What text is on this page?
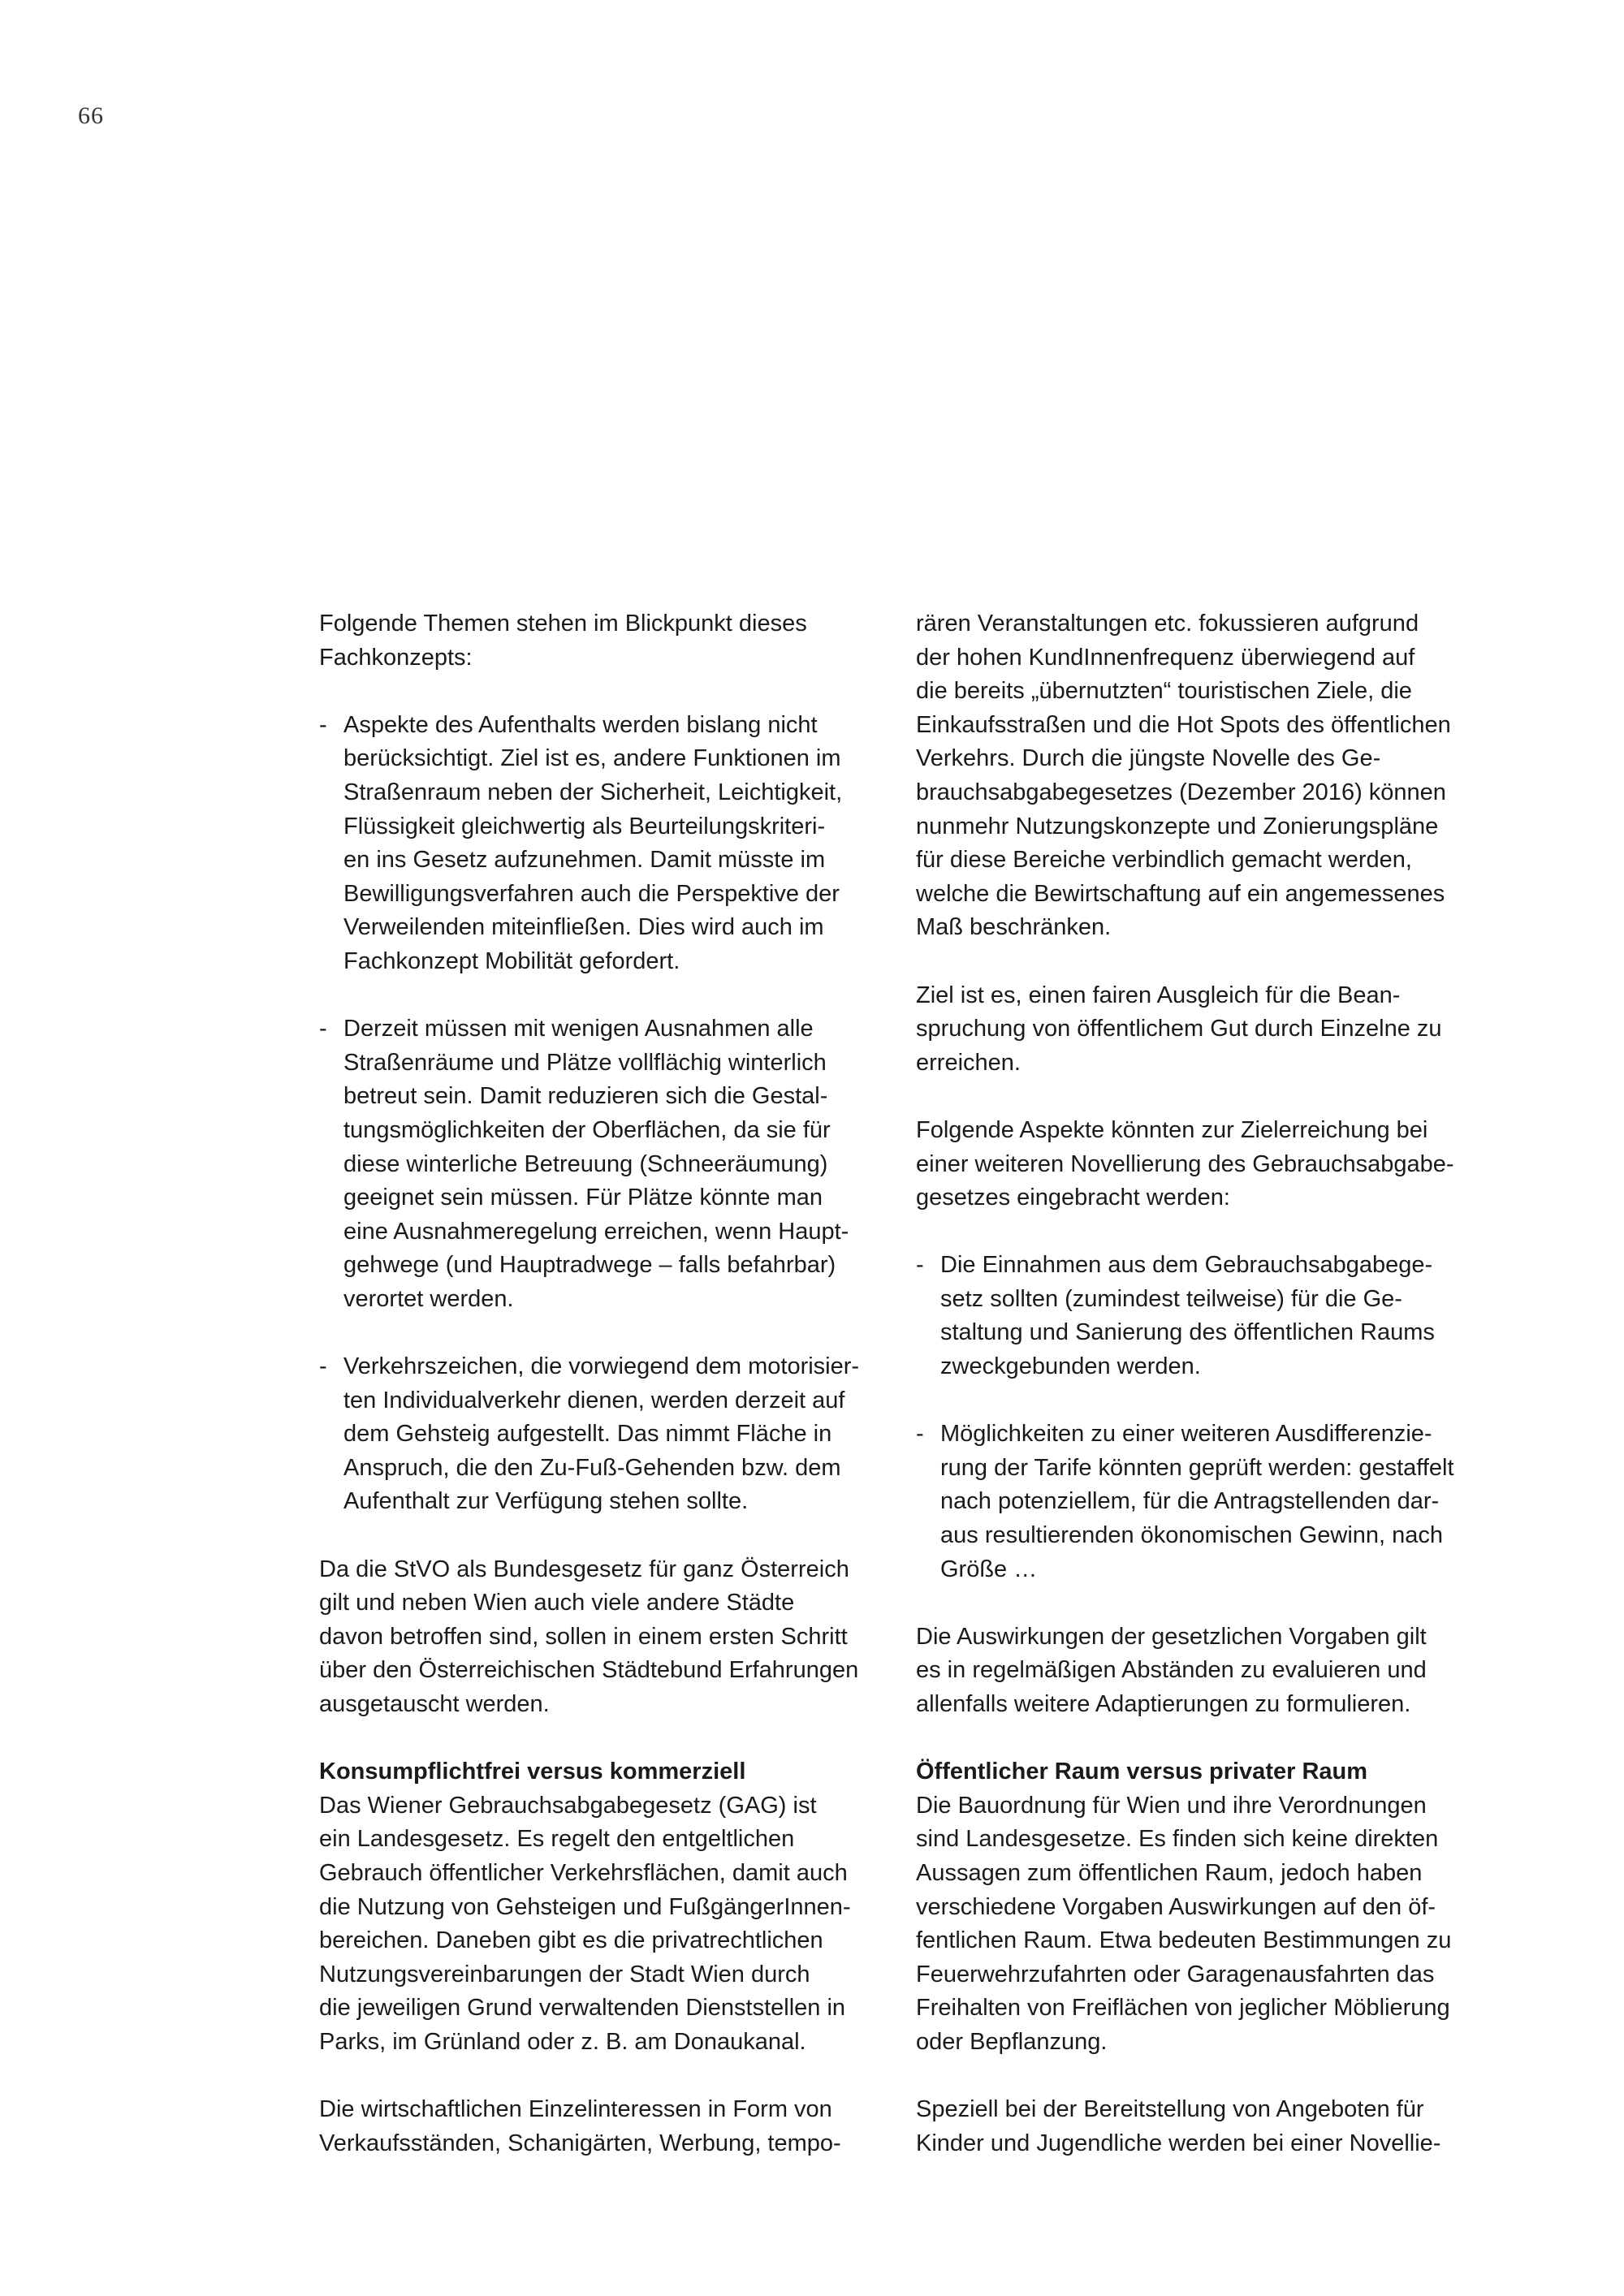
66
Folgende Themen stehen im Blickpunkt dieses
Fachkonzepts:
- Aspekte des Aufenthalts werden bislang nicht
berücksichtigt. Ziel ist es, andere Funktionen im
Straßenraum neben der Sicherheit, Leichtigkeit,
Flüssigkeit gleichwertig als Beurteilungskriteri-
en ins Gesetz aufzunehmen. Damit müsste im
Bewilligungsverfahren auch die Perspektive der
Verweilenden miteinfließen. Dies wird auch im
Fachkonzept Mobilität gefordert.
- Derzeit müssen mit wenigen Ausnahmen alle
Straßenräume und Plätze vollflächig winterlich
betreut sein. Damit reduzieren sich die Gestal-
tungsmöglichkeiten der Oberflächen, da sie für
diese winterliche Betreuung (Schneeräumung)
geeignet sein müssen. Für Plätze könnte man
eine Ausnahmeregelung erreichen, wenn Haupt-
gehwege (und Hauptradwege – falls befahrbar)
verortet werden.
- Verkehrszeichen, die vorwiegend dem motorisier-
ten Individualverkehr dienen, werden derzeit auf
dem Gehsteig aufgestellt. Das nimmt Fläche in
Anspruch, die den Zu-Fuß-Gehenden bzw. dem
Aufenthalt zur Verfügung stehen sollte.
Da die StVO als Bundesgesetz für ganz Österreich
gilt und neben Wien auch viele andere Städte
davon betroffen sind, sollen in einem ersten Schritt
über den Österreichischen Städtebund Erfahrungen
ausgetauscht werden.
Konsumpflichtfrei versus kommerziell
Das Wiener Gebrauchsabgabegesetz (GAG) ist
ein Landesgesetz. Es regelt den entgeltlichen
Gebrauch öffentlicher Verkehrsflächen, damit auch
die Nutzung von Gehsteigen und FußgängerInnen-
bereichen. Daneben gibt es die privatrechtlichen
Nutzungsvereinbarungen der Stadt Wien durch
die jeweiligen Grund verwaltenden Dienststellen in
Parks, im Grünland oder z. B. am Donaukanal.
Die wirtschaftlichen Einzelinteressen in Form von
Verkaufsständen, Schanigärten, Werbung, tempo-
rären Veranstaltungen etc. fokussieren aufgrund
der hohen KundInnenfrequenz überwiegend auf
die bereits „übernutzten“ touristischen Ziele, die
Einkaufsstraßen und die Hot Spots des öffentlichen
Verkehrs. Durch die jüngste Novelle des Ge-
brauchsabgabegesetzes (Dezember 2016) können
nunmehr Nutzungskonzepte und Zonierungspläne
für diese Bereiche verbindlich gemacht werden,
welche die Bewirtschaftung auf ein angemessenes
Maß beschränken.
Ziel ist es, einen fairen Ausgleich für die Bean-
spruchung von öffentlichem Gut durch Einzelne zu
erreichen.
Folgende Aspekte könnten zur Zielerreichung bei
einer weiteren Novellierung des Gebrauchsabgabe-
gesetzes eingebracht werden:
- Die Einnahmen aus dem Gebrauchsabgabege-
setz sollten (zumindest teilweise) für die Ge-
staltung und Sanierung des öffentlichen Raums
zweckgebunden werden.
- Möglichkeiten zu einer weiteren Ausdifferenzie-
rung der Tarife könnten geprüft werden: gestaffelt
nach potenziellem, für die Antragstellenden dar-
aus resultierenden ökonomischen Gewinn, nach
Größe …
Die Auswirkungen der gesetzlichen Vorgaben gilt
es in regelmäßigen Abständen zu evaluieren und
allenfalls weitere Adaptierungen zu formulieren.
Öffentlicher Raum versus privater Raum
Die Bauordnung für Wien und ihre Verordnungen
sind Landesgesetze. Es finden sich keine direkten
Aussagen zum öffentlichen Raum, jedoch haben
verschiedene Vorgaben Auswirkungen auf den öf-
fentlichen Raum. Etwa bedeuten Bestimmungen zu
Feuerwehrzufahrten oder Garagenausfahrten das
Freihalten von Freiflächen von jeglicher Möblierung
oder Bepflanzung.
Speziell bei der Bereitstellung von Angeboten für
Kinder und Jugendliche werden bei einer Novellie-
